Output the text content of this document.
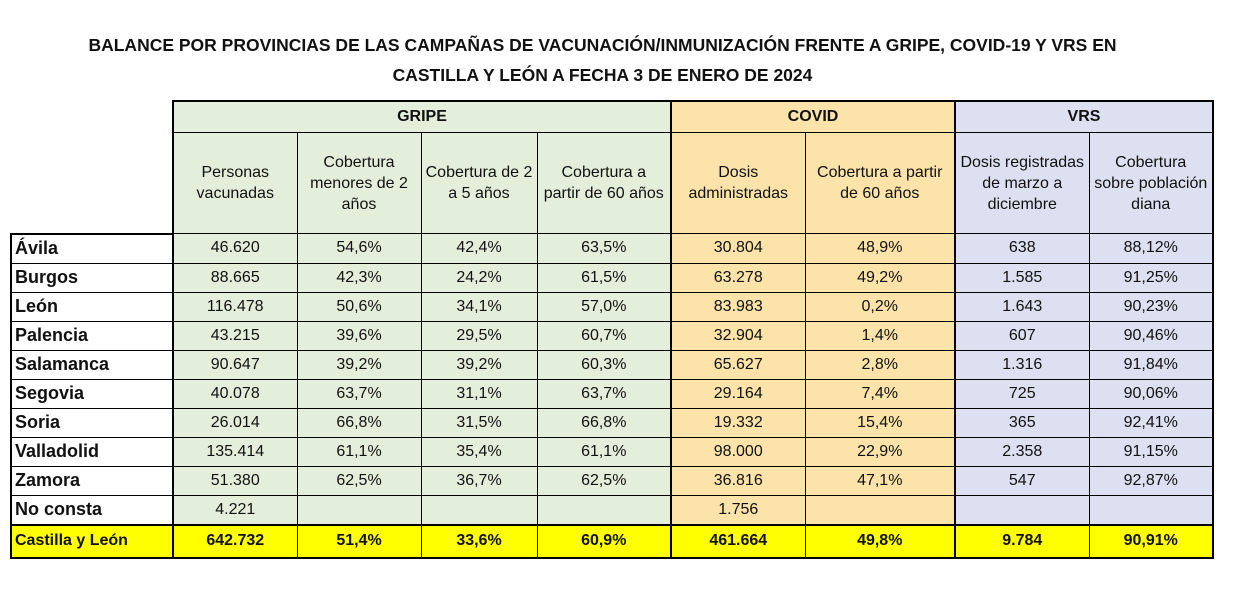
BALANCE POR PROVINCIAS DE LAS CAMPAÑAS DE VACUNACIÓN/INMUNIZACIÓN FRENTE A GRIPE, COVID-19 Y VRS EN
CASTILLA Y LEÓN A FECHA 3 DE ENERO DE 2024
	GRIPE				COVID		VRS	
	Personas vacunadas	Cobertura menores de 2 años	Cobertura de 2 a 5 años	Cobertura a partir de 60 años	Dosis administradas	Cobertura a partir de 60 años	Dosis registradas de marzo a diciembre	Cobertura sobre población diana
Ávila	46.620	54,6%	42,4%	63,5%	30.804	48,9%	638	88,12%
Burgos	88.665	42,3%	24,2%	61,5%	63.278	49,2%	1.585	91,25%
León	116.478	50,6%	34,1%	57,0%	83.983	0,2%	1.643	90,23%
Palencia	43.215	39,6%	29,5%	60,7%	32.904	1,4%	607	90,46%
Salamanca	90.647	39,2%	39,2%	60,3%	65.627	2,8%	1.316	91,84%
Segovia	40.078	63,7%	31,1%	63,7%	29.164	7,4%	725	90,06%
Soria	26.014	66,8%	31,5%	66,8%	19.332	15,4%	365	92,41%
Valladolid	135.414	61,1%	35,4%	61,1%	98.000	22,9%	2.358	91,15%
Zamora	51.380	62,5%	36,7%	62,5%	36.816	47,1%	547	92,87%
No consta	4.221				1.756			
Castilla y León	642.732	51,4%	33,6%	60,9%	461.664	49,8%	9.784	90,91%
